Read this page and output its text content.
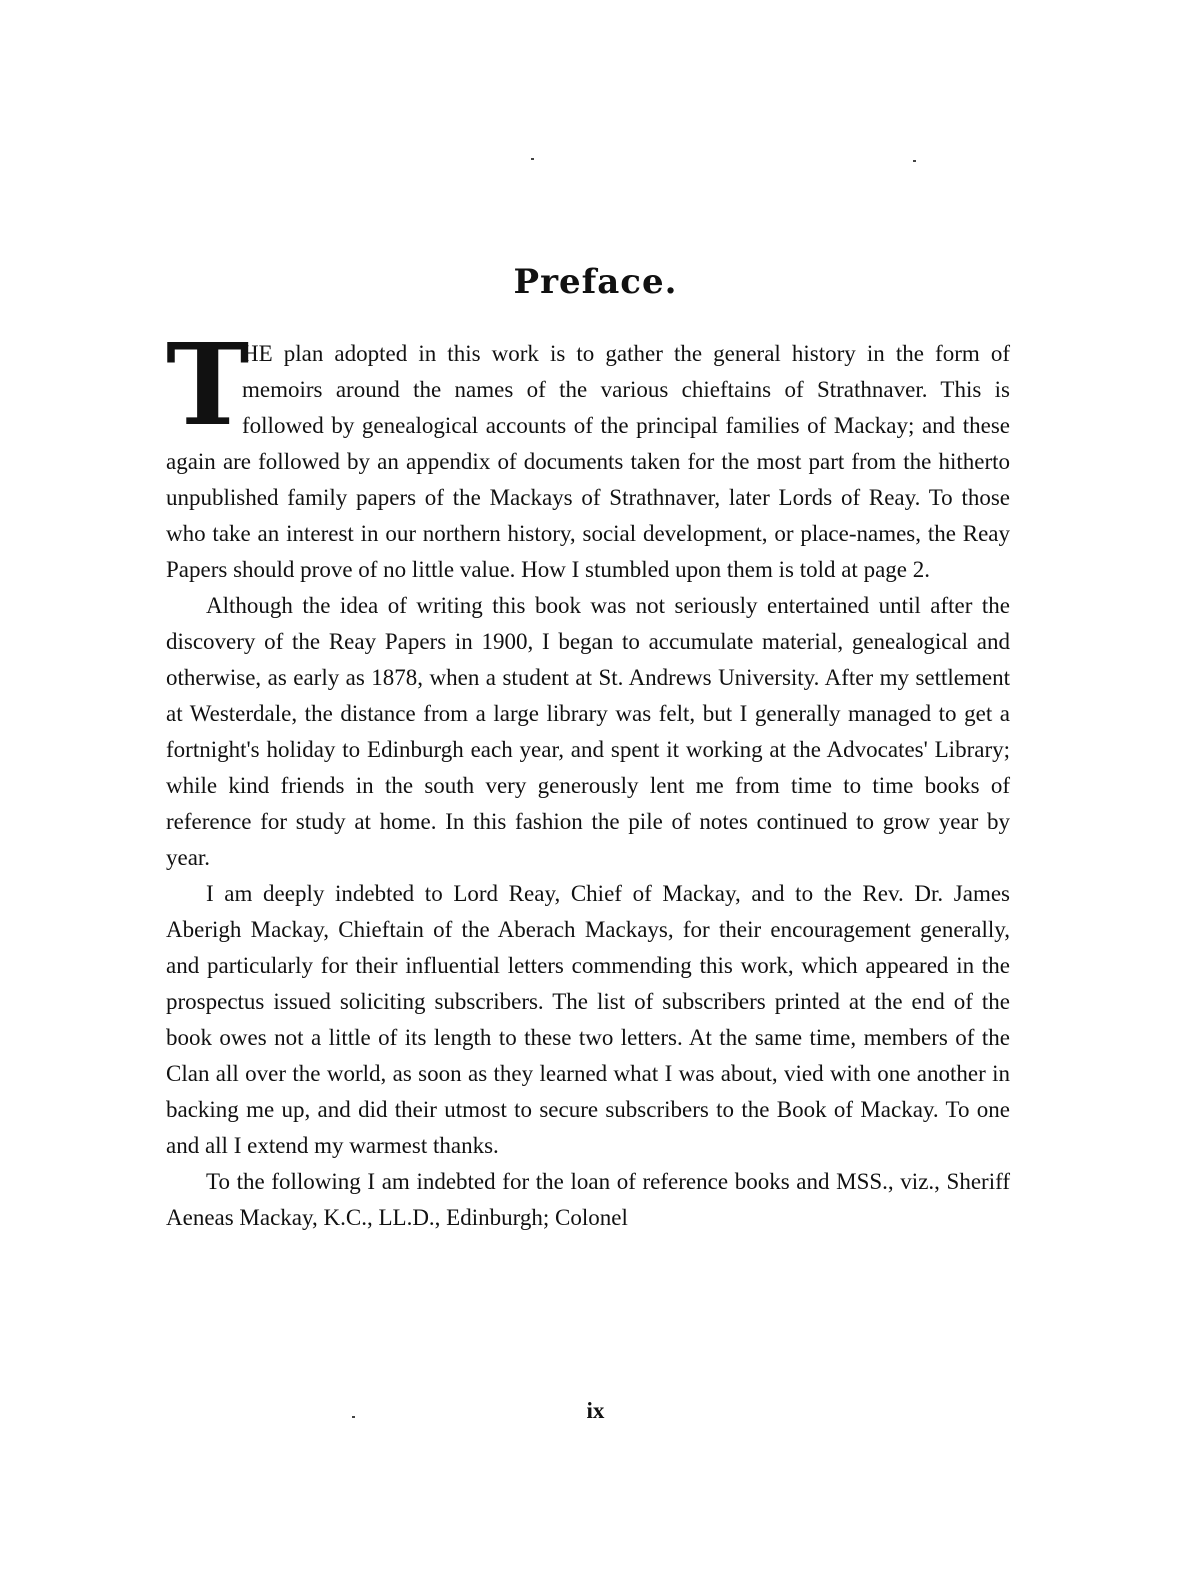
Preface.

T
HE plan adopted in this work is to gather the general history in the form of memoirs around the names of the various chieftains of Strathnaver. This is followed by genealogical accounts of the principal families of Mackay; and these again are followed by an appendix of documents taken for the most part from the hitherto unpublished family papers of the Mackays of Strathnaver, later Lords of Reay. To those who take an interest in our northern history, social development, or place-names, the Reay Papers should prove of no little value. How I stumbled upon them is told at page 2.

Although the idea of writing this book was not seriously entertained until after the discovery of the Reay Papers in 1900, I began to accumulate material, genealogical and otherwise, as early as 1878, when a student at St. Andrews University. After my settlement at Westerdale, the distance from a large library was felt, but I generally managed to get a fortnight's holiday to Edinburgh each year, and spent it working at the Advocates' Library; while kind friends in the south very generously lent me from time to time books of reference for study at home. In this fashion the pile of notes continued to grow year by year.

I am deeply indebted to Lord Reay, Chief of Mackay, and to the Rev. Dr. James Aberigh Mackay, Chieftain of the Aberach Mackays, for their encouragement generally, and particularly for their influential letters commending this work, which appeared in the prospectus issued soliciting subscribers. The list of subscribers printed at the end of the book owes not a little of its length to these two letters. At the same time, members of the Clan all over the world, as soon as they learned what I was about, vied with one another in backing me up, and did their utmost to secure subscribers to the Book of Mackay. To one and all I extend my warmest thanks.

To the following I am indebted for the loan of reference books and MSS., viz., Sheriff Aeneas Mackay, K.C., LL.D., Edinburgh; Colonel

ix
